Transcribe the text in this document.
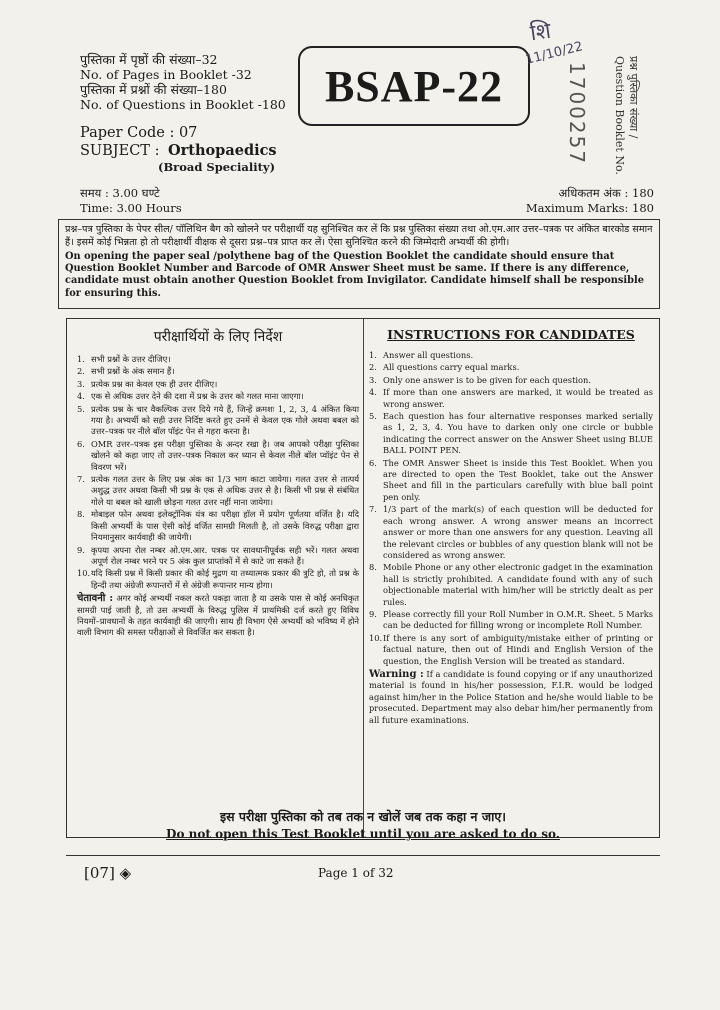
पुस्तिका में पृष्ठों की संख्या–32

No. of Pages in Booklet -32

पुस्तिका में प्रश्नों की संख्या–180

No. of Questions in Booklet -180

Paper Code : 07
SUBJECT : Orthopaedics
(Broad Speciality)
BSAP-22
शि
11/10/22
1700257	प्रश्न पुस्तिका संख्या /
Question Booklet No.
समय : 3.00 घण्टे
Time: 3.00 Hours
अधिकतम अंक : 180
Maximum Marks: 180

प्रश्न–पत्र पुस्तिका के पेपर सील/ पॉलिथिन बैग को खोलने पर परीक्षार्थी यह सुनिश्चित कर लें कि प्रश्न पुस्तिका संख्या तथा ओ.एम.आर उत्तर–पत्रक पर अंकित बारकोड समान हैं। इसमें कोई भिन्नता हो तो परीक्षार्थी वीक्षक से दूसरा प्रश्न–पत्र प्राप्त कर लें। ऐसा सुनिश्चित करने की जिम्मेदारी अभ्यर्थी की होगी।

On opening the paper seal /polythene bag of the Question Booklet the candidate should ensure that Question Booklet Number and Barcode of OMR Answer Sheet must be same. If there is any difference, candidate must obtain another Question Booklet from Invigilator. Candidate himself shall be responsible for ensuring this.

परीक्षार्थियों के लिए निर्देश

1. सभी प्रश्नों के उत्तर दीजिए।
2. सभी प्रश्नों के अंक समान हैं।
3. प्रत्येक प्रश्न का केवल एक ही उत्तर दीजिए।
4. एक से अधिक उत्तर देने की दशा में प्रश्न के उत्तर को गलत माना जाएगा।
5. प्रत्येक प्रश्न के चार वैकल्पिक उत्तर दिये गये हैं, जिन्हें क्रमशः 1, 2, 3, 4 अंकित किया गया है। अभ्यर्थी को सही उत्तर निर्दिष्ट करते हुए उनमें से केवल एक गोले अथवा बबल को उत्तर–पत्रक पर नीले बॉल पॉइंट पेन से गहरा करना है।
6. OMR उत्तर–पत्रक इस परीक्षा पुस्तिका के अन्दर रखा है। जब आपको परीक्षा पुस्तिका खोलने को कहा जाए तो उत्तर–पत्रक निकाल कर ध्यान से केवल नीले बॉल प्वॉइंट पेन से विवरण भरें।
7. प्रत्येक गलत उत्तर के लिए प्रश्न अंक का 1/3 भाग काटा जायेगा। गलत उत्तर से तात्पर्य अशुद्ध उत्तर अथवा किसी भी प्रश्न के एक से अधिक उत्तर से है। किसी भी प्रश्न से संबंधित गोले या बबल को खाली छोड़ना गलत उत्तर नहीं माना जायेगा।
8. मोबाइल फोन अथवा इलेक्ट्रॉनिक यंत्र का परीक्षा हॉल में प्रयोग पूर्णतया वर्जित है। यदि किसी अभ्यर्थी के पास ऐसी कोई वर्जित सामग्री मिलती है, तो उसके विरुद्ध परीक्षा द्वारा नियमानुसार कार्यवाही की जायेगी।
9. कृपया अपना रोल नम्बर ओ.एम.आर. पत्रक पर सावधानीपूर्वक सही भरें। गलत अथवा अपूर्ण रोल नम्बर भरने पर 5 अंक कुल प्राप्तांकों में से काटे जा सकते हैं।
10. यदि किसी प्रश्न में किसी प्रकार की कोई मुद्रण या तथ्यात्मक प्रकार की त्रुटि हो, तो प्रश्न के हिन्दी तथा अंग्रेजी रूपान्तरों में से अंग्रेजी रूपान्तर मान्य होगा।
चेतावनी : अगर कोई अभ्यर्थी नकल करते पकड़ा जाता है या उसके पास से कोई अनधिकृत सामग्री पाई जाती है, तो उस अभ्यर्थी के विरुद्ध पुलिस में प्राथमिकी दर्ज करते हुए विविध नियमों–प्रावधानों के तहत कार्यवाही की जाएगी। साथ ही विभाग ऐसे अभ्यर्थी को भविष्य में होने वाली विभाग की समस्त परीक्षाओं से विवर्जित कर सकता है।

INSTRUCTIONS FOR CANDIDATES

1. Answer all questions.
2. All questions carry equal marks.
3. Only one answer is to be given for each question.
4. If more than one answers are marked, it would be treated as wrong answer.
5. Each question has four alternative responses marked serially as 1, 2, 3, 4. You have to darken only one circle or bubble indicating the correct answer on the Answer Sheet using BLUE BALL POINT PEN.
6. The OMR Answer Sheet is inside this Test Booklet. When you are directed to open the Test Booklet, take out the Answer Sheet and fill in the particulars carefully with blue ball point pen only.
7. 1/3 part of the mark(s) of each question will be deducted for each wrong answer. A wrong answer means an incorrect answer or more than one answers for any question. Leaving all the relevant circles or bubbles of any question blank will not be considered as wrong answer.
8. Mobile Phone or any other electronic gadget in the examination hall is strictly prohibited. A candidate found with any of such objectionable material with him/her will be strictly dealt as per rules.
9. Please correctly fill your Roll Number in O.M.R. Sheet. 5 Marks can be deducted for filling wrong or incomplete Roll Number.
10. If there is any sort of ambiguity/mistake either of printing or factual nature, then out of Hindi and English Version of the question, the English Version will be treated as standard.
Warning : If a candidate is found copying or if any unauthorized material is found in his/her possession, F.I.R. would be lodged against him/her in the Police Station and he/she would liable to be prosecuted. Department may also debar him/her permanently from all future examinations.

इस परीक्षा पुस्तिका को तब तक न खोलें जब तक कहा न जाए।

Do not open this Test Booklet until you are asked to do so.

[07] ◈	Page 1 of 32
